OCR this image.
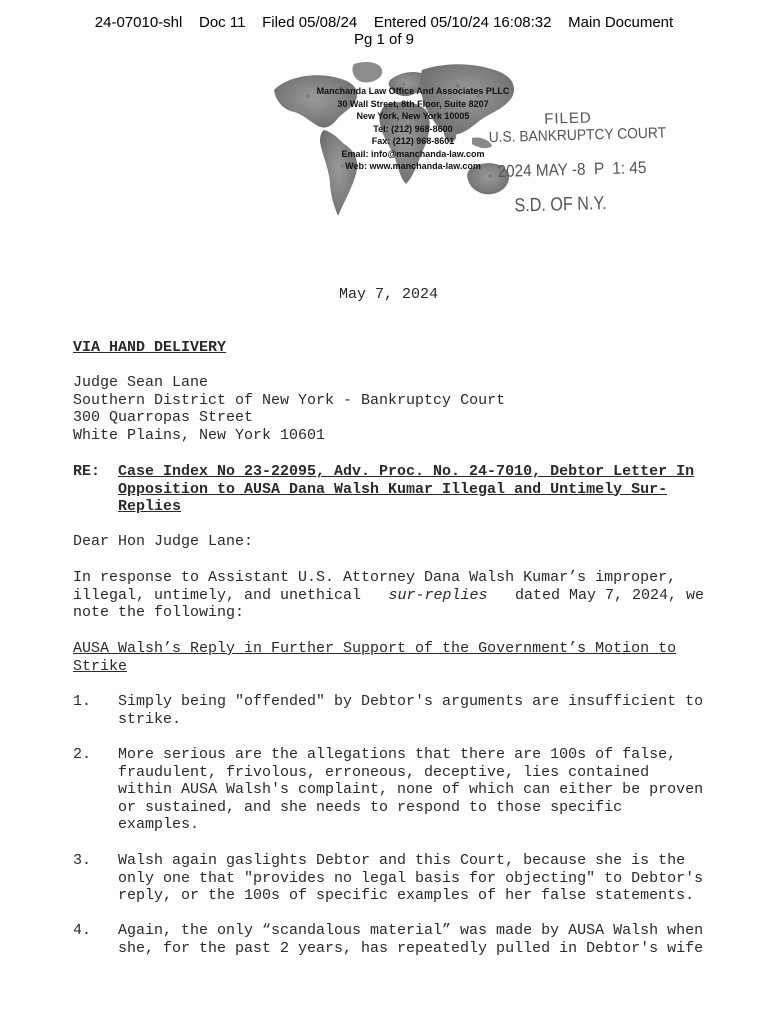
24-07010-shl    Doc 11    Filed 05/08/24    Entered 05/10/24 16:08:32    Main Document
Pg 1 of 9
Manchanda Law Office And Associates PLLC
30 Wall Street, 8th Floor, Suite 8207
New York, New York 10005
Tel: (212) 968-8600
Fax: (212) 968-8601
Email: info@manchanda-law.com
Web: www.manchanda-law.com
FILED
U.S. BANKRUPTCY COURT
2024 MAY -8  P  1: 45
S.D. OF N.Y.
May 7, 2024
VIA HAND DELIVERY
Judge Sean Lane
Southern District of New York - Bankruptcy Court
300 Quarropas Street
White Plains, New York 10601
RE: Case Index No 23-22095, Adv. Proc. No. 24-7010, Debtor Letter In
Opposition to AUSA Dana Walsh Kumar Illegal and Untimely Sur-
Replies
Dear Hon Judge Lane:
In response to Assistant U.S. Attorney Dana Walsh Kumar’s improper,
illegal, untimely, and unethical sur-replies dated May 7, 2024, we
note the following:
AUSA Walsh’s Reply in Further Support of the Government’s Motion to
Strike
1. Simply being "offended" by Debtor's arguments are insufficient to
strike.
2. More serious are the allegations that there are 100s of false,
fraudulent, frivolous, erroneous, deceptive, lies contained
within AUSA Walsh's complaint, none of which can either be proven
or sustained, and she needs to respond to those specific
examples.
3. Walsh again gaslights Debtor and this Court, because she is the
only one that "provides no legal basis for objecting" to Debtor's
reply, or the 100s of specific examples of her false statements.
4. Again, the only “scandalous material” was made by AUSA Walsh when
she, for the past 2 years, has repeatedly pulled in Debtor's wife
